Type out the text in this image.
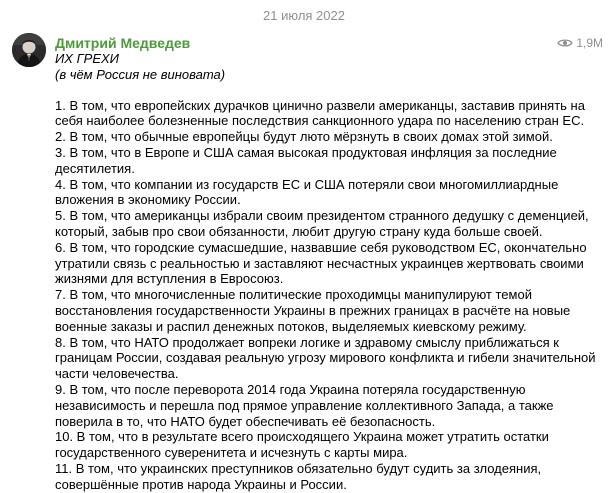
21 июля 2022
Дмитрий Медведев	1,9M

ИХ ГРЕХИ

(в чём Россия не виновата)

1. В том, что европейских дурачков цинично развели американцы, заставив принять на себя наиболее болезненные последствия санкционного удара по населению стран ЕС.

2. В том, что обычные европейцы будут люто мёрзнуть в своих домах этой зимой.

3. В том, что в Европе и США самая высокая продуктовая инфляция за последние десятилетия.

4. В том, что компании из государств ЕС и США потеряли свои многомиллиардные вложения в экономику России.

5. В том, что американцы избрали своим президентом странного дедушку с деменцией, который, забыв про свои обязанности, любит другую страну куда больше своей.

6. В том, что городские сумасшедшие, назвавшие себя руководством ЕС, окончательно утратили связь с реальностью и заставляют несчастных украинцев жертвовать своими жизнями для вступления в Евросоюз.

7. В том, что многочисленные политические проходимцы манипулируют темой восстановления государственности Украины в прежних границах в расчёте на новые военные заказы и распил денежных потоков, выделяемых киевскому режиму.

8. В том, что НАТО продолжает вопреки логике и здравому смыслу приближаться к границам России, создавая реальную угрозу мирового конфликта и гибели значительной части человечества.

9. В том, что после переворота 2014 года Украина потеряла государственную независимость и перешла под прямое управление коллективного Запада, а также поверила в то, что НАТО будет обеспечивать её безопасность.

10. В том, что в результате всего происходящего Украина может утратить остатки государственного суверенитета и исчезнуть с карты мира.

11. В том, что украинских преступников обязательно будут судить за злодеяния, совершённые против народа Украины и России.
